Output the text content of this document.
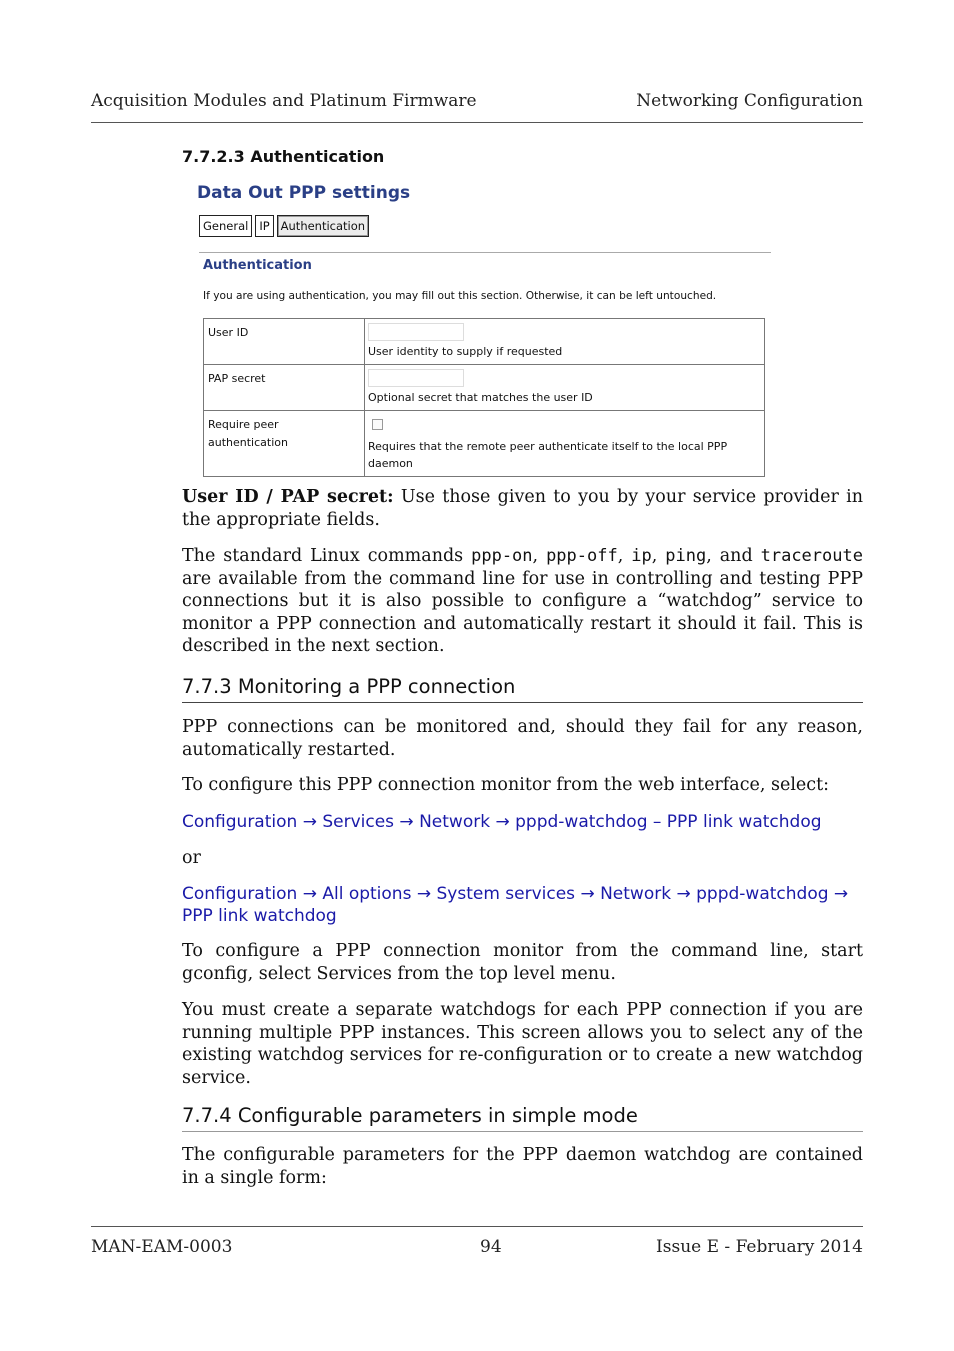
Acquisition Modules and Platinum Firmware	Networking Configuration
7.7.2.3 Authentication
Data Out PPP settings
General IP Authentication
Authentication
If you are using authentication, you may fill out this section. Otherwise, it can be left untouched.
User ID	User identity to supply if requested

PAP secret	Optional secret that matches the user ID

Require peer
authentication	Requires that the remote peer authenticate itself to the local PPP
daemon
User ID / PAP secret: Use those given to you by your service provider in the appropriate fields.
The standard Linux commands ppp-on, ppp-off, ip, ping, and traceroute are available from the command line for use in controlling and testing PPP connections but it is also possible to configure a “watchdog” service to monitor a PPP connection and automatically restart it should it fail. This is described in the next section.
7.7.3 Monitoring a PPP connection
PPP connections can be monitored and, should they fail for any reason, automatically restarted.
To configure this PPP connection monitor from the web interface, select:
Configuration → Services → Network → pppd-watchdog – PPP link watchdog
or
Configuration → All options → System services → Network → pppd-watchdog →
PPP link watchdog
To configure a PPP connection monitor from the command line, start gconfig, select Services from the top level menu.
You must create a separate watchdogs for each PPP connection if you are running multiple PPP instances. This screen allows you to select any of the existing watchdog services for re-configuration or to create a new watchdog service.
7.7.4 Configurable parameters in simple mode
The configurable parameters for the PPP daemon watchdog are contained in a single form:
MAN-EAM-0003	94	Issue E - February 2014
